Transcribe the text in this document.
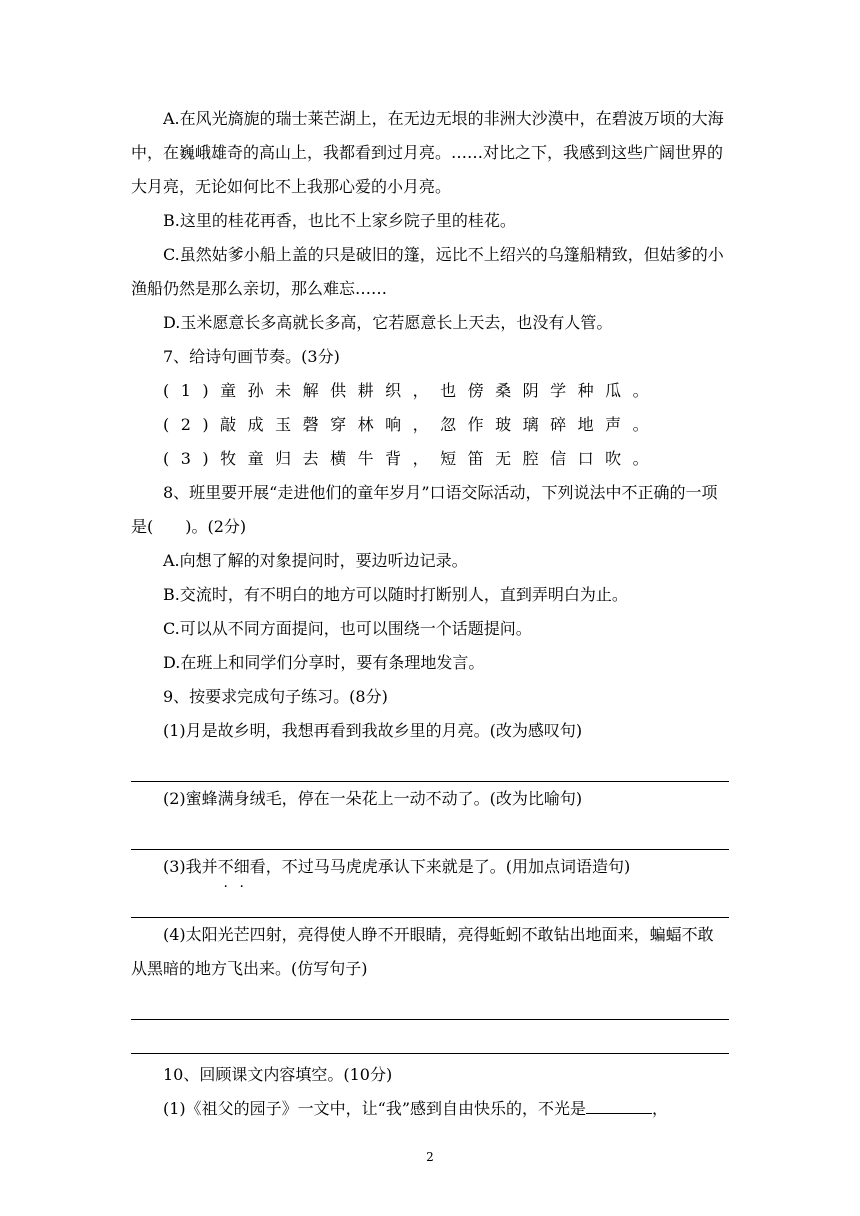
A.在风光旖旎的瑞士莱芒湖上，在无边无垠的非洲大沙漠中，在碧波万顷的大海中，在巍峨雄奇的高山上，我都看到过月亮。……对比之下，我感到这些广阔世界的大月亮，无论如何比不上我那心爱的小月亮。

B.这里的桂花再香，也比不上家乡院子里的桂花。

C.虽然姑爹小船上盖的只是破旧的篷，远比不上绍兴的乌篷船精致，但姑爹的小渔船仍然是那么亲切，那么难忘……

D.玉米愿意长多高就长多高，它若愿意长上天去，也没有人管。

7、给诗句画节奏。(3分)

(1)童孙未解供耕织，也傍桑阴学种瓜。

(2)敲成玉磬穿林响，忽作玻璃碎地声。

(3)牧童归去横牛背，短笛无腔信口吹。

8、班里要开展“走进他们的童年岁月”口语交际活动，下列说法中不正确的一项是(　　)。(2分)

A.向想了解的对象提问时，要边听边记录。

B.交流时，有不明白的地方可以随时打断别人，直到弄明白为止。

C.可以从不同方面提问，也可以围绕一个话题提问。

D.在班上和同学们分享时，要有条理地发言。

9、按要求完成句子练习。(8分)

(1)月是故乡明，我想再看到我故乡里的月亮。(改为感叹句)

(2)蜜蜂满身绒毛，停在一朵花上一动不动了。(改为比喻句)

(3)我并不细看，不过马马虎虎承认下来就是了。(用加点词语造句)

(4)太阳光芒四射，亮得使人睁不开眼睛，亮得蚯蚓不敢钻出地面来，蝙蝠不敢从黑暗的地方飞出来。(仿写句子)

10、回顾课文内容填空。(10分)

(1)《祖父的园子》一文中，让“我”感到自由快乐的，不光是	，

2
